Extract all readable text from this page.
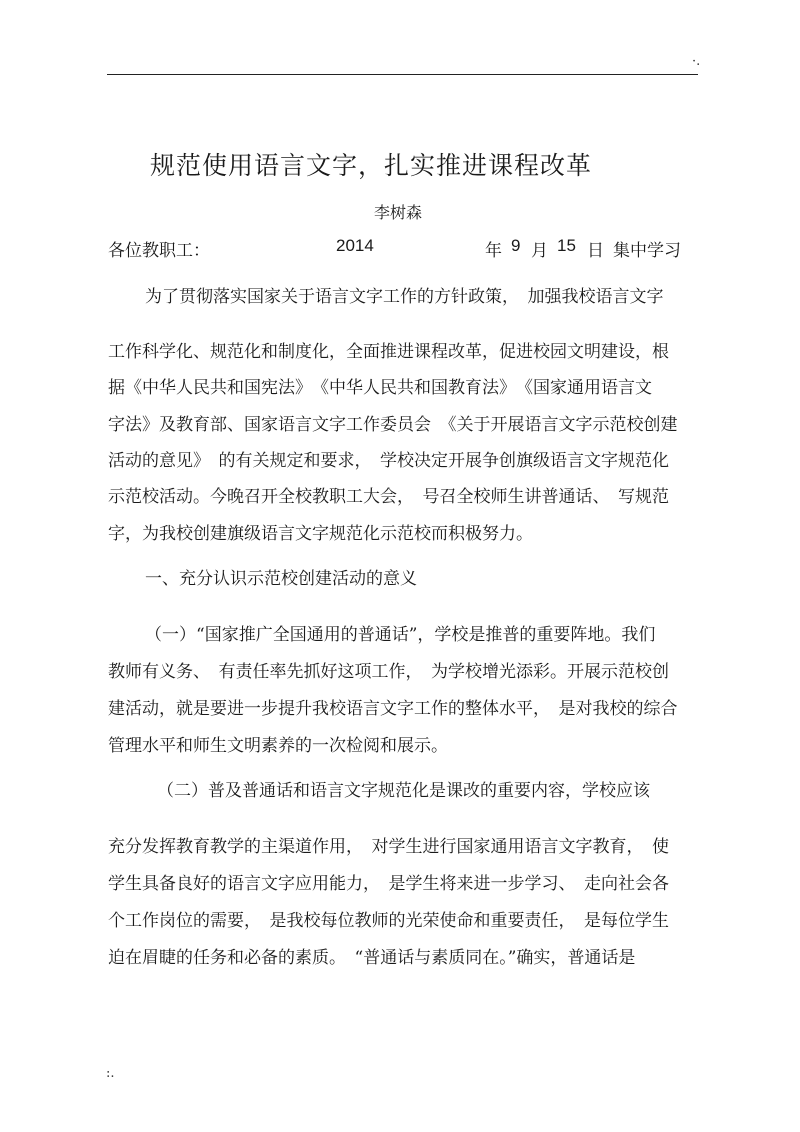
·.
规范使用语言文字，扎实推进课程改革
李树森
各位教职工：	2014	年 9 月 15 日 集中学习
为了贯彻落实国家关于语言文字工作的方针政策，　加强我校语言文字
工作科学化、规范化和制度化，全面推进课程改革，促进校园文明建设，根
据《中华人民共和国宪法》　《中华人民共和国教育法》　《国家通用语言文
字法》及教育部、国家语言文字工作委员会　《关于开展语言文字示范校创建
活动的意见》　的有关规定和要求，　学校决定开展争创旗级语言文字规范化
示范校活动。今晚召开全校教职工大会，　号召全校师生讲普通话、　写规范
字，为我校创建旗级语言文字规范化示范校而积极努力。
一、充分认识示范校创建活动的意义
（一）“国家推广全国通用的普通话”，学校是推普的重要阵地。我们
教师有义务、　有责任率先抓好这项工作，　为学校增光添彩。开展示范校创
建活动，就是要进一步提升我校语言文字工作的整体水平，　是对我校的综合
管理水平和师生文明素养的一次检阅和展示。
（二）普及普通话和语言文字规范化是课改的重要内容，学校应该
充分发挥教育教学的主渠道作用，　对学生进行国家通用语言文字教育，　使
学生具备良好的语言文字应用能力，　是学生将来进一步学习、　走向社会各
个工作岗位的需要，　是我校每位教师的光荣使命和重要责任，　是每位学生
迫在眉睫的任务和必备的素质。　“普通话与素质同在。”确实，普通话是
:.
